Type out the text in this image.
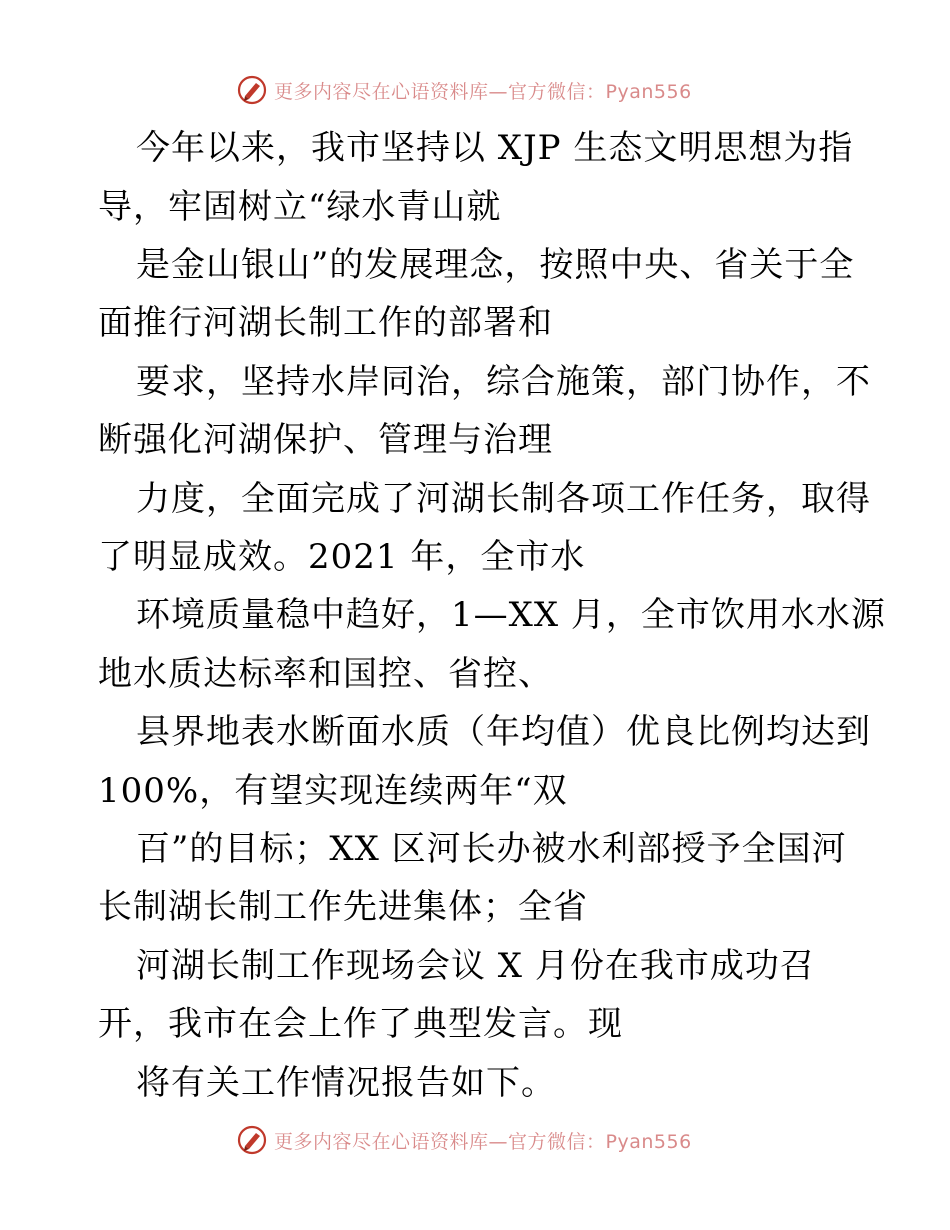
更多内容尽在心语资料库—官方微信：Pyan556
今年以来，我市坚持以 XJP 生态文明思想为指
导，牢固树立“绿水青山就
是金山银山”的发展理念，按照中央、省关于全
面推行河湖长制工作的部署和
要求，坚持水岸同治，综合施策，部门协作，不
断强化河湖保护、管理与治理
力度，全面完成了河湖长制各项工作任务，取得
了明显成效。2021 年，全市水
环境质量稳中趋好，1—XX 月，全市饮用水水源
地水质达标率和国控、省控、
县界地表水断面水质（年均值）优良比例均达到
100%，有望实现连续两年“双
百”的目标；XX 区河长办被水利部授予全国河
长制湖长制工作先进集体；全省
河湖长制工作现场会议 X 月份在我市成功召
开，我市在会上作了典型发言。现
将有关工作情况报告如下。
更多内容尽在心语资料库—官方微信：Pyan556
